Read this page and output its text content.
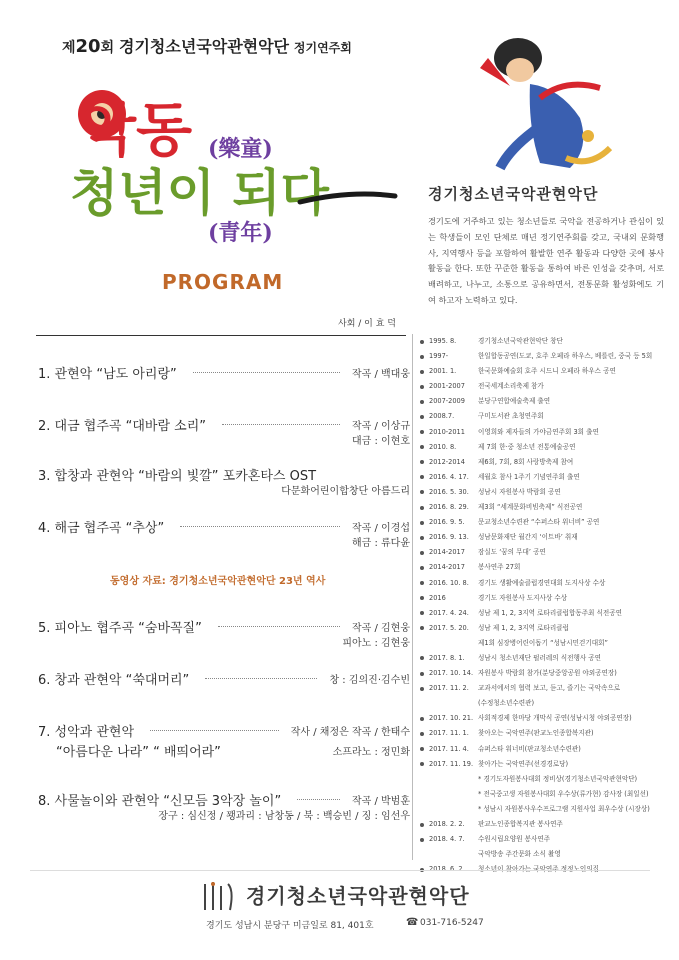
제20회 경기청소년국악관현악단 정기연주회
악동 (樂童)
청년이 되다
(青年)
PROGRAM
경기청소년국악관현악단
경기도에 거주하고 있는 청소년들로 국악을 전공하거나 관심이 있는 학생들이 모인 단체로 매년 정기연주회를 갖고, 국내외 문화행사, 지역행사 등을 포함하여 활발한 연주 활동과 다양한 곳에 봉사활동을 한다. 또한 꾸준한 활동을 통하여 바른 인성을 갖추며, 서로 배려하고, 나누고, 소통으로 공유하면서, 전통문화 활성화에도 기여 하고자 노력하고 있다.
사회 / 이 효 덕
1. 관현악 “남도 아리랑”	작곡 / 백대웅
2. 대금 협주곡 “대바람 소리”	작곡 / 이상규
대금 : 이현호
3. 합창과 관현악 “바람의 빛깔” 포카혼타스 OST
다문화어린이합창단 아름드리
4. 해금 협주곡 “추상”	작곡 / 이경섭
해금 : 류다윤
5. 피아노 협주곡 “숨바꼭질”	작곡 / 김현웅
피아노 : 김현웅
6. 창과 관현악 “쑥대머리”	창 : 김의진·김수빈
7. 성악과 관현악	작사 / 채정은 작곡 / 한태수
“아름다운 나라” “ 배띄어라”	소프라노 : 정민화
8. 사물놀이와 관현악 “신모듬 3악장 놀이”	작곡 / 박범훈
장구 : 심신정 / 꽹과리 : 남창동 / 북 : 백승빈 / 징 : 임선우
동영상 자료: 경기청소년국악관현악단 23년 역사
1995. 8.	경기청소년국악관현악단 창단
1997-	한일합동공연(도쿄, 호주 오페라 하우스, 베를린, 중국 등 5회
2001. 1.	한국문화예술회 호주 시드니 오페라 하우스 공연
2001-2007	전국세계소리축제 참가
2007-2009	분당구연합예술축제 출연
2008.7.	구미도서관 초청연주회
2010-2011	이영희와 제자들의 가야금연주회 3회 출연
2010. 8.	제 7회 한·중 청소년 전통예술공연
2012-2014	제6회, 7회, 8회 사랑방축제 참여
2016. 4. 17.	세월호 참사 1주기 기념연주회 출연
2016. 5. 30.	성남시 자원봉사 박람회 공연
2016. 8. 29.	제3회 “세계문화비빔축제” 식전공연
2016. 9. 5.	문교청소년수련관 “수퍼스타 위너비” 공연
2016. 9. 13.	성남문화재단 월간지 ‘이트바’ 취재
2014-2017	잠실도 ‘꿈의 무대’ 공연
2014-2017	봉사연주 27회
2016. 10. 8.	경기도 생활예술클럽경연대회 도지사상 수상
2016	경기도 자원봉사 도지사상 수상
2017. 4. 24.	성남 제 1, 2, 3지역 로타리클럽합동주최 식전공연
2017. 5. 20.	성남 제 1, 2, 3지역 로타리클럽
제1회 심장병어린이돕기 “성남시민걷기대회”
2017. 8. 1.	성남시 청소년재단 펄러레의 식전행사 공연
2017. 10. 14. 자원봉사 박람회 참가(분당중앙공원 야외공연장)
2017. 11. 2.	교과서에서의 협력 보고, 듣고, 즐기는 국악속으로
(수정청소년수련관)
2017. 10. 21. 사회적경제 한마당 개막식 공연(성남시청 야외공연장)
2017. 11. 1.	찾아오는 국악연주(판교노인종합복지관)
2017. 11. 4.	슈퍼스타 워너비(판교청소년수련관)
2017. 11. 19. 찾아가는 국악연주(선경경로당)
* 경기도자원봉사대회 정비상(경기청소년국악관현악단)
* 전국중고생 자원봉사대회 우수상(류가현) 감사장 (최일선)
* 성남시 자원봉사우수프로그램 지원사업 최우수상 (시장상)
2018. 2. 2.	판교노인종합복지관 봉사연주
2018. 4. 7.	수원시립요양원 봉사연주
국악방송 주간문화 소식 촬영
경기청소년국악관현악단
경기도 성남시 분당구 미금일로 81, 401호	☎ 031-716-5247
